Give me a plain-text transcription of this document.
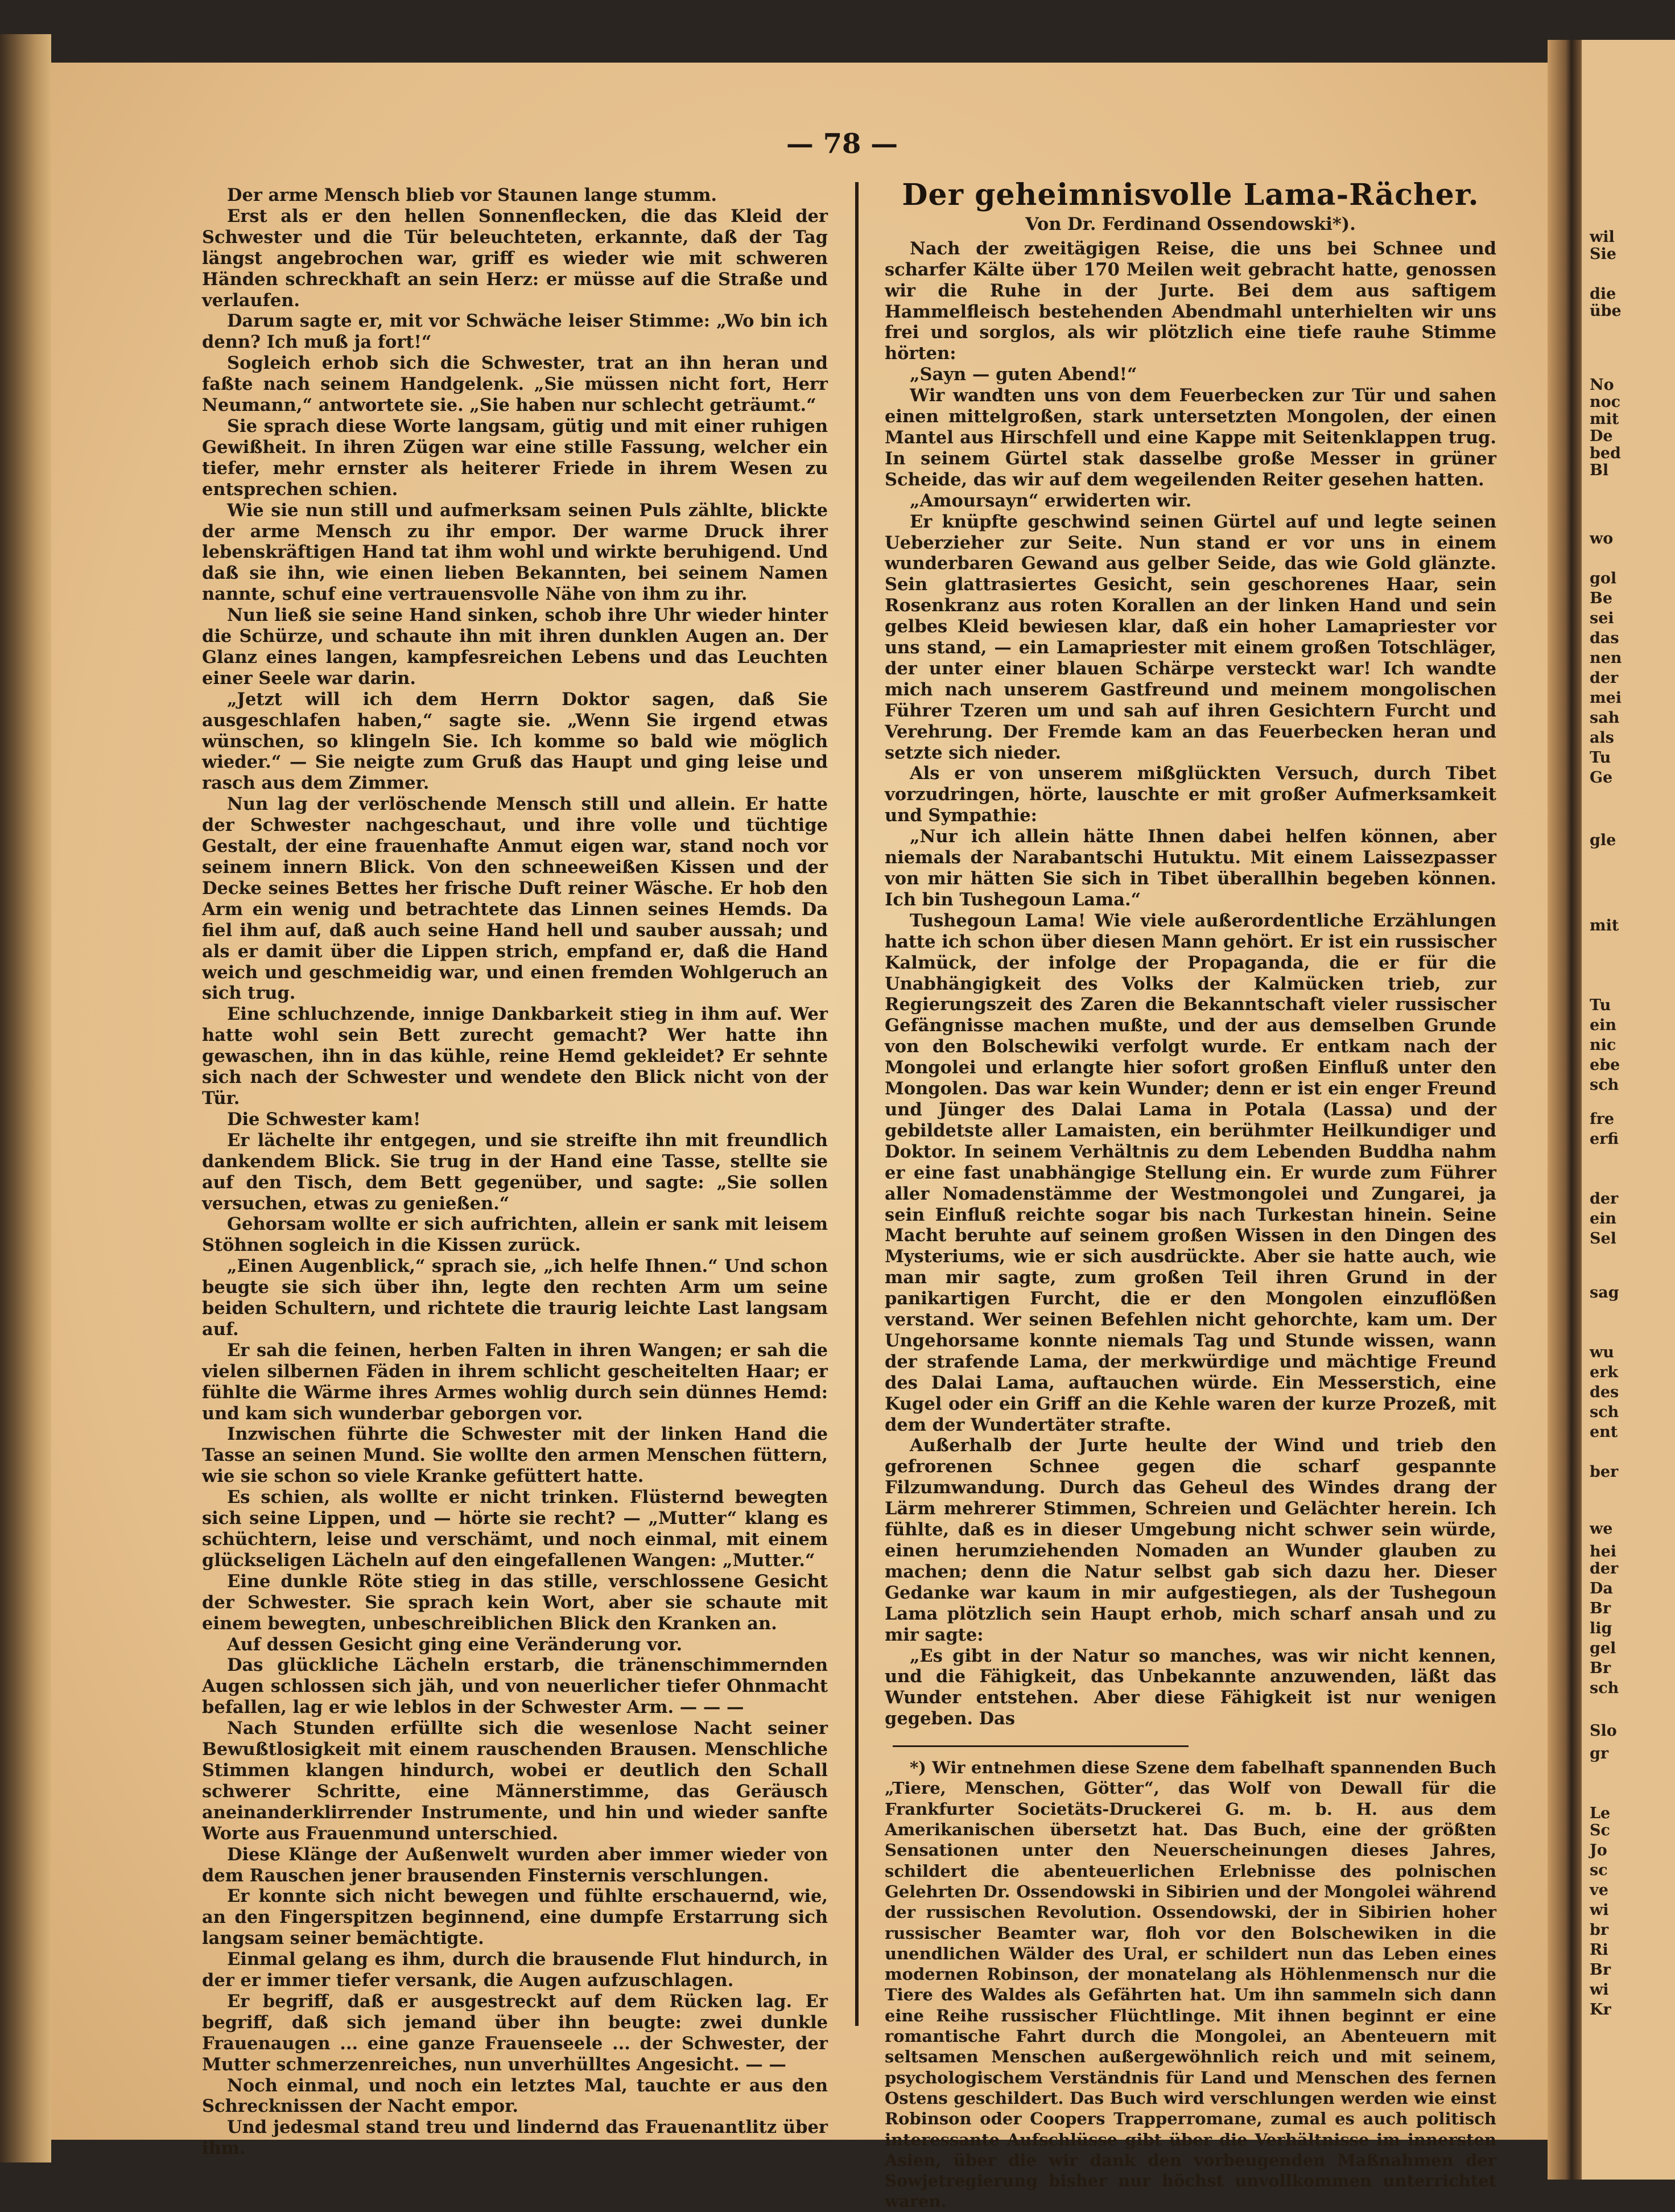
wil
Sie
die
übe
No
noc
mit
De
bed
Bl
wo
gol
Be
sei
das
nen
der
mei
sah
als
Tu
Ge
gle
mit
Tu
ein
nic
ebe
sch
fre
erfi
der
ein
Sel
sag
wu
erk
des
sch
ent
ber
we
hei
der
Da
Br
lig
gel
Br
sch
Slo
gr
Le
Sc
Jo
sc
ve
wi
br
Ri
Br
wi
Kr
— 78 —

Der arme Mensch blieb vor Staunen lange stumm.

Erst als er den hellen Sonnenflecken, die das Kleid der Schwester und die Tür beleuchteten, erkannte, daß der Tag längst angebrochen war, griff es wieder wie mit schweren Händen schreckhaft an sein Herz: er müsse auf die Straße und verlaufen.

Darum sagte er, mit vor Schwäche leiser Stimme: „Wo bin ich denn? Ich muß ja fort!“

Sogleich erhob sich die Schwester, trat an ihn heran und faßte nach seinem Handgelenk. „Sie müssen nicht fort, Herr Neumann,“ antwortete sie. „Sie haben nur schlecht geträumt.“

Sie sprach diese Worte langsam, gütig und mit einer ruhigen Gewißheit. In ihren Zügen war eine stille Fassung, welcher ein tiefer, mehr ernster als heiterer Friede in ihrem Wesen zu entsprechen schien.

Wie sie nun still und aufmerksam seinen Puls zählte, blickte der arme Mensch zu ihr empor. Der warme Druck ihrer lebenskräftigen Hand tat ihm wohl und wirkte beruhigend. Und daß sie ihn, wie einen lieben Bekannten, bei seinem Namen nannte, schuf eine vertrauensvolle Nähe von ihm zu ihr.

Nun ließ sie seine Hand sinken, schob ihre Uhr wieder hinter die Schürze, und schaute ihn mit ihren dunklen Augen an. Der Glanz eines langen, kampfesreichen Lebens und das Leuchten einer Seele war darin.

„Jetzt will ich dem Herrn Doktor sagen, daß Sie ausgeschlafen haben,“ sagte sie. „Wenn Sie irgend etwas wünschen, so klingeln Sie. Ich komme so bald wie möglich wieder.“ — Sie neigte zum Gruß das Haupt und ging leise und rasch aus dem Zimmer.

Nun lag der verlöschende Mensch still und allein. Er hatte der Schwester nachgeschaut, und ihre volle und tüchtige Gestalt, der eine frauenhafte Anmut eigen war, stand noch vor seinem innern Blick. Von den schneeweißen Kissen und der Decke seines Bettes her frische Duft reiner Wäsche. Er hob den Arm ein wenig und betrachtete das Linnen seines Hemds. Da fiel ihm auf, daß auch seine Hand hell und sauber aussah; und als er damit über die Lippen strich, empfand er, daß die Hand weich und geschmeidig war, und einen fremden Wohlgeruch an sich trug.

Eine schluchzende, innige Dankbarkeit stieg in ihm auf. Wer hatte wohl sein Bett zurecht gemacht? Wer hatte ihn gewaschen, ihn in das kühle, reine Hemd gekleidet? Er sehnte sich nach der Schwester und wendete den Blick nicht von der Tür.

Die Schwester kam!

Er lächelte ihr entgegen, und sie streifte ihn mit freundlich dankendem Blick. Sie trug in der Hand eine Tasse, stellte sie auf den Tisch, dem Bett gegenüber, und sagte: „Sie sollen versuchen, etwas zu genießen.“

Gehorsam wollte er sich aufrichten, allein er sank mit leisem Stöhnen sogleich in die Kissen zurück.

„Einen Augenblick,“ sprach sie, „ich helfe Ihnen.“ Und schon beugte sie sich über ihn, legte den rechten Arm um seine beiden Schultern, und richtete die traurig leichte Last langsam auf.

Er sah die feinen, herben Falten in ihren Wangen; er sah die vielen silbernen Fäden in ihrem schlicht gescheitelten Haar; er fühlte die Wärme ihres Armes wohlig durch sein dünnes Hemd: und kam sich wunderbar geborgen vor.

Inzwischen führte die Schwester mit der linken Hand die Tasse an seinen Mund. Sie wollte den armen Menschen füttern, wie sie schon so viele Kranke gefüttert hatte.

Es schien, als wollte er nicht trinken. Flüsternd bewegten sich seine Lippen, und — hörte sie recht? — „Mutter“ klang es schüchtern, leise und verschämt, und noch einmal, mit einem glückseligen Lächeln auf den eingefallenen Wangen: „Mutter.“

Eine dunkle Röte stieg in das stille, verschlossene Gesicht der Schwester. Sie sprach kein Wort, aber sie schaute mit einem bewegten, unbeschreiblichen Blick den Kranken an.

Auf dessen Gesicht ging eine Veränderung vor.

Das glückliche Lächeln erstarb, die tränenschimmernden Augen schlossen sich jäh, und von neuerlicher tiefer Ohnmacht befallen, lag er wie leblos in der Schwester Arm. — — —

Nach Stunden erfüllte sich die wesenlose Nacht seiner Bewußtlosigkeit mit einem rauschenden Brausen. Menschliche Stimmen klangen hindurch, wobei er deutlich den Schall schwerer Schritte, eine Männerstimme, das Geräusch aneinanderklirrender Instrumente, und hin und wieder sanfte Worte aus Frauenmund unterschied.

Diese Klänge der Außenwelt wurden aber immer wieder von dem Rauschen jener brausenden Finsternis verschlungen.

Er konnte sich nicht bewegen und fühlte erschauernd, wie, an den Fingerspitzen beginnend, eine dumpfe Erstarrung sich langsam seiner bemächtigte.

Einmal gelang es ihm, durch die brausende Flut hindurch, in der er immer tiefer versank, die Augen aufzuschlagen.

Er begriff, daß er ausgestreckt auf dem Rücken lag. Er begriff, daß sich jemand über ihn beugte: zwei dunkle Frauenaugen ... eine ganze Frauenseele ... der Schwester, der Mutter schmerzenreiches, nun unverhülltes Angesicht. — —

Noch einmal, und noch ein letztes Mal, tauchte er aus den Schrecknissen der Nacht empor.

Und jedesmal stand treu und lindernd das Frauenantlitz über ihm.

Der geheimnisvolle Lama-Rächer.
Von Dr. Ferdinand Ossendowski*).

Nach der zweitägigen Reise, die uns bei Schnee und scharfer Kälte über 170 Meilen weit gebracht hatte, genossen wir die Ruhe in der Jurte. Bei dem aus saftigem Hammelfleisch bestehenden Abendmahl unterhielten wir uns frei und sorglos, als wir plötzlich eine tiefe rauhe Stimme hörten:

„Sayn — guten Abend!“

Wir wandten uns von dem Feuerbecken zur Tür und sahen einen mittelgroßen, stark untersetzten Mongolen, der einen Mantel aus Hirschfell und eine Kappe mit Seitenklappen trug. In seinem Gürtel stak dasselbe große Messer in grüner Scheide, das wir auf dem wegeilenden Reiter gesehen hatten.

„Amoursayn“ erwiderten wir.

Er knüpfte geschwind seinen Gürtel auf und legte seinen Ueberzieher zur Seite. Nun stand er vor uns in einem wunderbaren Gewand aus gelber Seide, das wie Gold glänzte. Sein glattrasiertes Gesicht, sein geschorenes Haar, sein Rosenkranz aus roten Korallen an der linken Hand und sein gelbes Kleid bewiesen klar, daß ein hoher Lamapriester vor uns stand, — ein Lamapriester mit einem großen Totschläger, der unter einer blauen Schärpe versteckt war! Ich wandte mich nach unserem Gastfreund und meinem mongolischen Führer Tzeren um und sah auf ihren Gesichtern Furcht und Verehrung. Der Fremde kam an das Feuerbecken heran und setzte sich nieder.

Als er von unserem mißglückten Versuch, durch Tibet vorzudringen, hörte, lauschte er mit großer Aufmerksamkeit und Sympathie:

„Nur ich allein hätte Ihnen dabei helfen können, aber niemals der Narabantschi Hutuktu. Mit einem Laissezpasser von mir hätten Sie sich in Tibet überallhin begeben können. Ich bin Tushegoun Lama.“

Tushegoun Lama! Wie viele außerordentliche Erzählungen hatte ich schon über diesen Mann gehört. Er ist ein russischer Kalmück, der infolge der Propaganda, die er für die Unabhängigkeit des Volks der Kalmücken trieb, zur Regierungszeit des Zaren die Bekanntschaft vieler russischer Gefängnisse machen mußte, und der aus demselben Grunde von den Bolschewiki verfolgt wurde. Er entkam nach der Mongolei und erlangte hier sofort großen Einfluß unter den Mongolen. Das war kein Wunder; denn er ist ein enger Freund und Jünger des Dalai Lama in Potala (Lassa) und der gebildetste aller Lamaisten, ein berühmter Heilkundiger und Doktor. In seinem Verhältnis zu dem Lebenden Buddha nahm er eine fast unabhängige Stellung ein. Er wurde zum Führer aller Nomadenstämme der Westmongolei und Zungarei, ja sein Einfluß reichte sogar bis nach Turkestan hinein. Seine Macht beruhte auf seinem großen Wissen in den Dingen des Mysteriums, wie er sich ausdrückte. Aber sie hatte auch, wie man mir sagte, zum großen Teil ihren Grund in der panikartigen Furcht, die er den Mongolen einzuflößen verstand. Wer seinen Befehlen nicht gehorchte, kam um. Der Ungehorsame konnte niemals Tag und Stunde wissen, wann der strafende Lama, der merkwürdige und mächtige Freund des Dalai Lama, auftauchen würde. Ein Messerstich, eine Kugel oder ein Griff an die Kehle waren der kurze Prozeß, mit dem der Wundertäter strafte.

Außerhalb der Jurte heulte der Wind und trieb den gefrorenen Schnee gegen die scharf gespannte Filzumwandung. Durch das Geheul des Windes drang der Lärm mehrerer Stimmen, Schreien und Gelächter herein. Ich fühlte, daß es in dieser Umgebung nicht schwer sein würde, einen herumziehenden Nomaden an Wunder glauben zu machen; denn die Natur selbst gab sich dazu her. Dieser Gedanke war kaum in mir aufgestiegen, als der Tushegoun Lama plötzlich sein Haupt erhob, mich scharf ansah und zu mir sagte:

„Es gibt in der Natur so manches, was wir nicht kennen, und die Fähigkeit, das Unbekannte anzuwenden, läßt das Wunder entstehen. Aber diese Fähigkeit ist nur wenigen gegeben. Das

*) Wir entnehmen diese Szene dem fabelhaft spannenden Buch „Tiere, Menschen, Götter“, das Wolf von Dewall für die Frankfurter Societäts-Druckerei G. m. b. H. aus dem Amerikanischen übersetzt hat. Das Buch, eine der größten Sensationen unter den Neuerscheinungen dieses Jahres, schildert die abenteuerlichen Erlebnisse des polnischen Gelehrten Dr. Ossendowski in Sibirien und der Mongolei während der russischen Revolution. Ossendowski, der in Sibirien hoher russischer Beamter war, floh vor den Bolschewiken in die unendlichen Wälder des Ural, er schildert nun das Leben eines modernen Robinson, der monatelang als Höhlenmensch nur die Tiere des Waldes als Gefährten hat. Um ihn sammeln sich dann eine Reihe russischer Flüchtlinge. Mit ihnen beginnt er eine romantische Fahrt durch die Mongolei, an Abenteuern mit seltsamen Menschen außergewöhnlich reich und mit seinem, psychologischem Verständnis für Land und Menschen des fernen Ostens geschildert. Das Buch wird verschlungen werden wie einst Robinson oder Coopers Trapperromane, zumal es auch politisch interessante Aufschlüsse gibt über die Verhältnisse im innersten Asien, über die wir dank den vorbeugenden Maßnahmen der Sowjetregierung bisher nur höchst unvollkommen unterrichtet waren.
